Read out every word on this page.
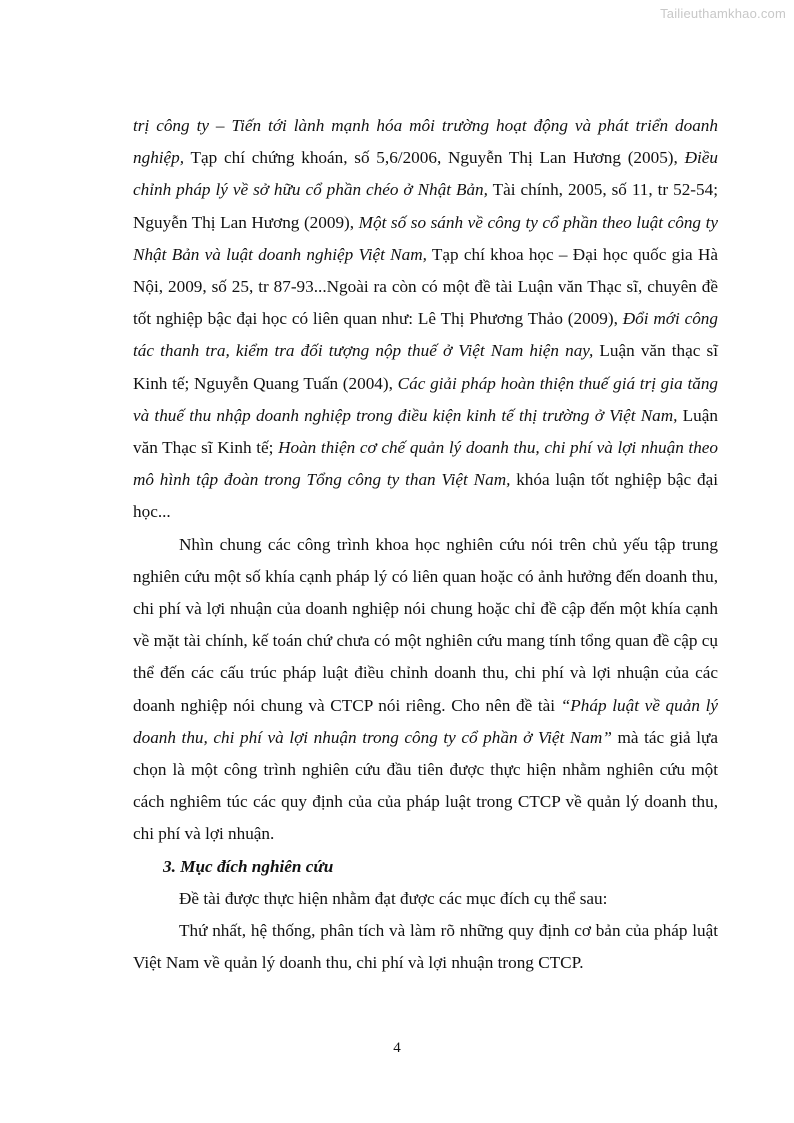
Tailieuthamkhao.com

trị công ty – Tiến tới lành mạnh hóa môi trường hoạt động và phát triển doanh nghiệp, Tạp chí chứng khoán, số 5,6/2006, Nguyễn Thị Lan Hương (2005), Điều chỉnh pháp lý về sở hữu cổ phần chéo ở Nhật Bản, Tài chính, 2005, số 11, tr 52-54; Nguyễn Thị Lan Hương (2009), Một số so sánh về công ty cổ phần theo luật công ty Nhật Bản và luật doanh nghiệp Việt Nam, Tạp chí khoa học – Đại học quốc gia Hà Nội, 2009, số 25, tr 87-93...Ngoài ra còn có một đề tài Luận văn Thạc sĩ, chuyên đề tốt nghiệp bậc đại học có liên quan như: Lê Thị Phương Thảo (2009), Đổi mới công tác thanh tra, kiểm tra đối tượng nộp thuế ở Việt Nam hiện nay, Luận văn thạc sĩ Kinh tế; Nguyễn Quang Tuấn (2004), Các giải pháp hoàn thiện thuế giá trị gia tăng và thuế thu nhập doanh nghiệp trong điều kiện kinh tế thị trường ở Việt Nam, Luận văn Thạc sĩ Kinh tế; Hoàn thiện cơ chế quản lý doanh thu, chi phí và lợi nhuận theo mô hình tập đoàn trong Tổng công ty than Việt Nam, khóa luận tốt nghiệp bậc đại học...

Nhìn chung các công trình khoa học nghiên cứu nói trên chủ yếu tập trung nghiên cứu một số khía cạnh pháp lý có liên quan hoặc có ảnh hưởng đến doanh thu, chi phí và lợi nhuận của doanh nghiệp nói chung hoặc chỉ đề cập đến một khía cạnh về mặt tài chính, kế toán chứ chưa có một nghiên cứu mang tính tổng quan đề cập cụ thể đến các cấu trúc pháp luật điều chỉnh doanh thu, chi phí và lợi nhuận của các doanh nghiệp nói chung và CTCP nói riêng. Cho nên đề tài “Pháp luật về quản lý doanh thu, chi phí và lợi nhuận trong công ty cổ phần ở Việt Nam” mà tác giả lựa chọn là một công trình nghiên cứu đầu tiên được thực hiện nhằm nghiên cứu một cách nghiêm túc các quy định của của pháp luật trong CTCP về quản lý doanh thu, chi phí và lợi nhuận.

3. Mục đích nghiên cứu

Đề tài được thực hiện nhằm đạt được các mục đích cụ thể sau:

Thứ nhất, hệ thống, phân tích và làm rõ những quy định cơ bản của pháp luật Việt Nam về quản lý doanh thu, chi phí và lợi nhuận trong CTCP.

4
